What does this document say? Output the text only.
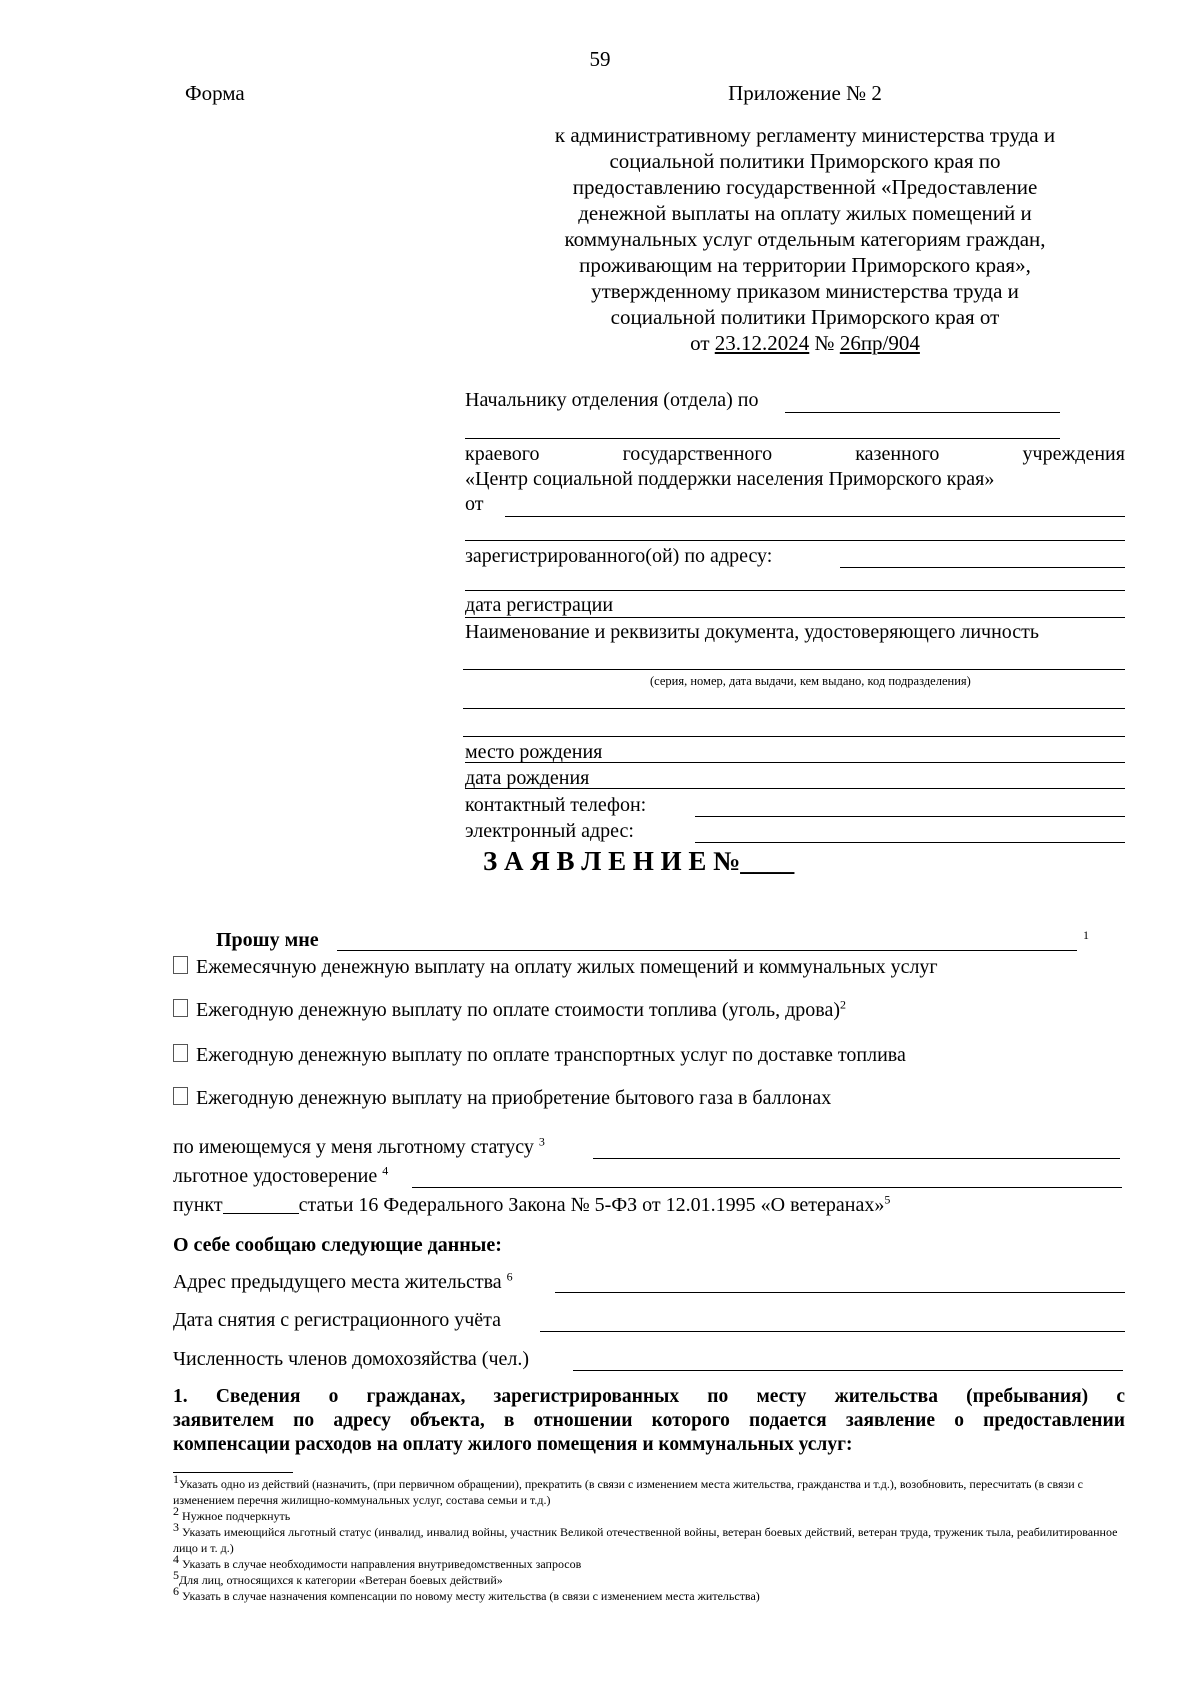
59
Форма	Приложение № 2
к административному регламенту министерства труда и
социальной политики Приморского края по
предоставлению государственной «Предоставление
денежной выплаты на оплату жилых помещений и
коммунальных услуг отдельным категориям граждан,
проживающим на территории Приморского края»,
утвержденному приказом министерства труда и
социальной политики Приморского края от
от 23.12.2024 № 26пр/904
Начальнику отделения (отдела) по
краевого	государственного	казенного	учреждения
«Центр социальной поддержки населения Приморского края»
от
зарегистрированного(ой) по адресу:
дата регистрации
Наименование и реквизиты документа, удостоверяющего личность
(серия, номер, дата выдачи, кем выдано, код подразделения)
место рождения
дата рождения
контактный телефон:
электронный адрес:
З А Я В Л Е Н И Е №____
Прошу мне	1
Ежемесячную денежную выплату на оплату жилых помещений и коммунальных услуг
Ежегодную денежную выплату по оплате стоимости топлива (уголь, дрова)$^2$
Ежегодную денежную выплату по оплате транспортных услуг по доставке топлива
Ежегодную денежную выплату на приобретение бытового газа в баллонах
по имеющемуся у меня льготному статусу $^3$
льготное удостоверение $^4$
пункт	статьи 16 Федерального Закона № 5-ФЗ от 12.01.1995 «О ветеранах»$^5$
О себе сообщаю следующие данные:
Адрес предыдущего места жительства $^6$
Дата снятия с регистрационного учёта
Численность членов домохозяйства (чел.)
1. Сведения о гражданах, зарегистрированных по месту жительства (пребывания) с
заявителем по адресу объекта, в отношении которого подается заявление о предоставлении
компенсации расходов на оплату жилого помещения и коммунальных услуг:
$^1$Указать одно из действий (назначить, (при первичном обращении), прекратить (в связи с изменением места жительства, гражданства и т.д.), возобновить, пересчитать (в связи с изменением перечня жилищно-коммунальных услуг, состава семьи и т.д.)
$^2$ Нужное подчеркнуть
$^3$ Указать имеющийся льготный статус (инвалид, инвалид войны, участник Великой отечественной войны, ветеран боевых действий, ветеран труда, труженик тыла, реабилитированное лицо и т. д.)
$^4$ Указать в случае необходимости направления внутриведомственных запросов
$^5$Для лиц, относящихся к категории «Ветеран боевых действий»
$^6$ Указать в случае назначения компенсации по новому месту жительства (в связи с изменением места жительства)
